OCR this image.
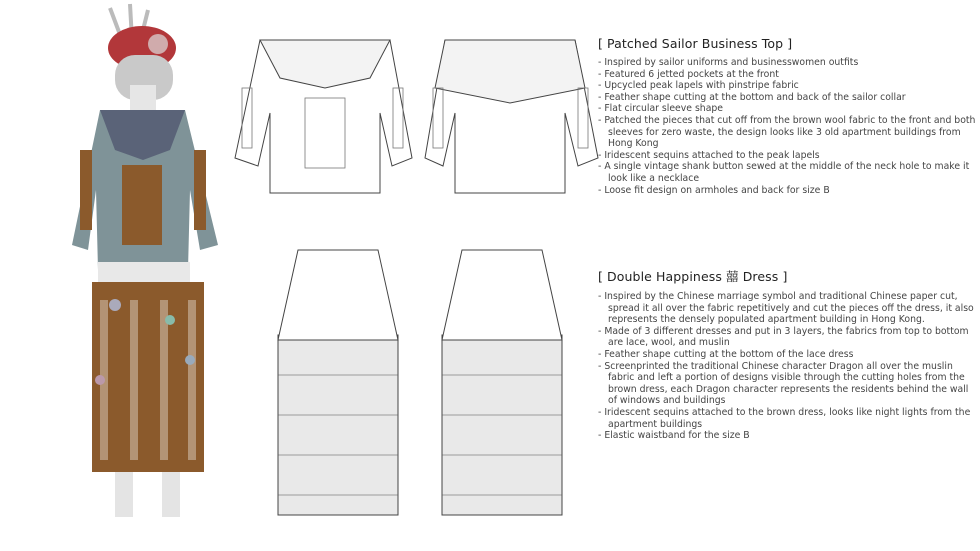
[ Patched Sailor Business Top ]
- Inspired by sailor uniforms and businesswomen outfits
- Featured 6 jetted pockets at the front
- Upcycled peak lapels with pinstripe fabric
- Feather shape cutting at the bottom and back of the sailor collar
- Flat circular sleeve shape
- Patched the pieces that cut off from the brown wool fabric to the front and both sleeves for zero waste, the design looks like 3 old apartment buildings from Hong Kong
- Iridescent sequins attached to the peak lapels
- A single vintage shank button sewed at the middle of the neck hole to make it look like a necklace
- Loose fit design on armholes and back for size B
[ Double Happiness 囍 Dress ]
- Inspired by the Chinese marriage symbol and traditional Chinese paper cut, spread it all over the fabric repetitively and cut the pieces off the dress, it also represents the densely populated apartment building in Hong Kong.
- Made of 3 different dresses and put in 3 layers, the fabrics from top to bottom are lace, wool, and muslin
- Feather shape cutting at the bottom of the lace dress
- Screenprinted the traditional Chinese character Dragon all over the muslin fabric and left a portion of designs visible through the cutting holes from the brown dress, each Dragon character represents the residents behind the wall of windows and buildings
- Iridescent sequins attached to the brown dress, looks like night lights from the apartment buildings
- Elastic waistband for the size B
